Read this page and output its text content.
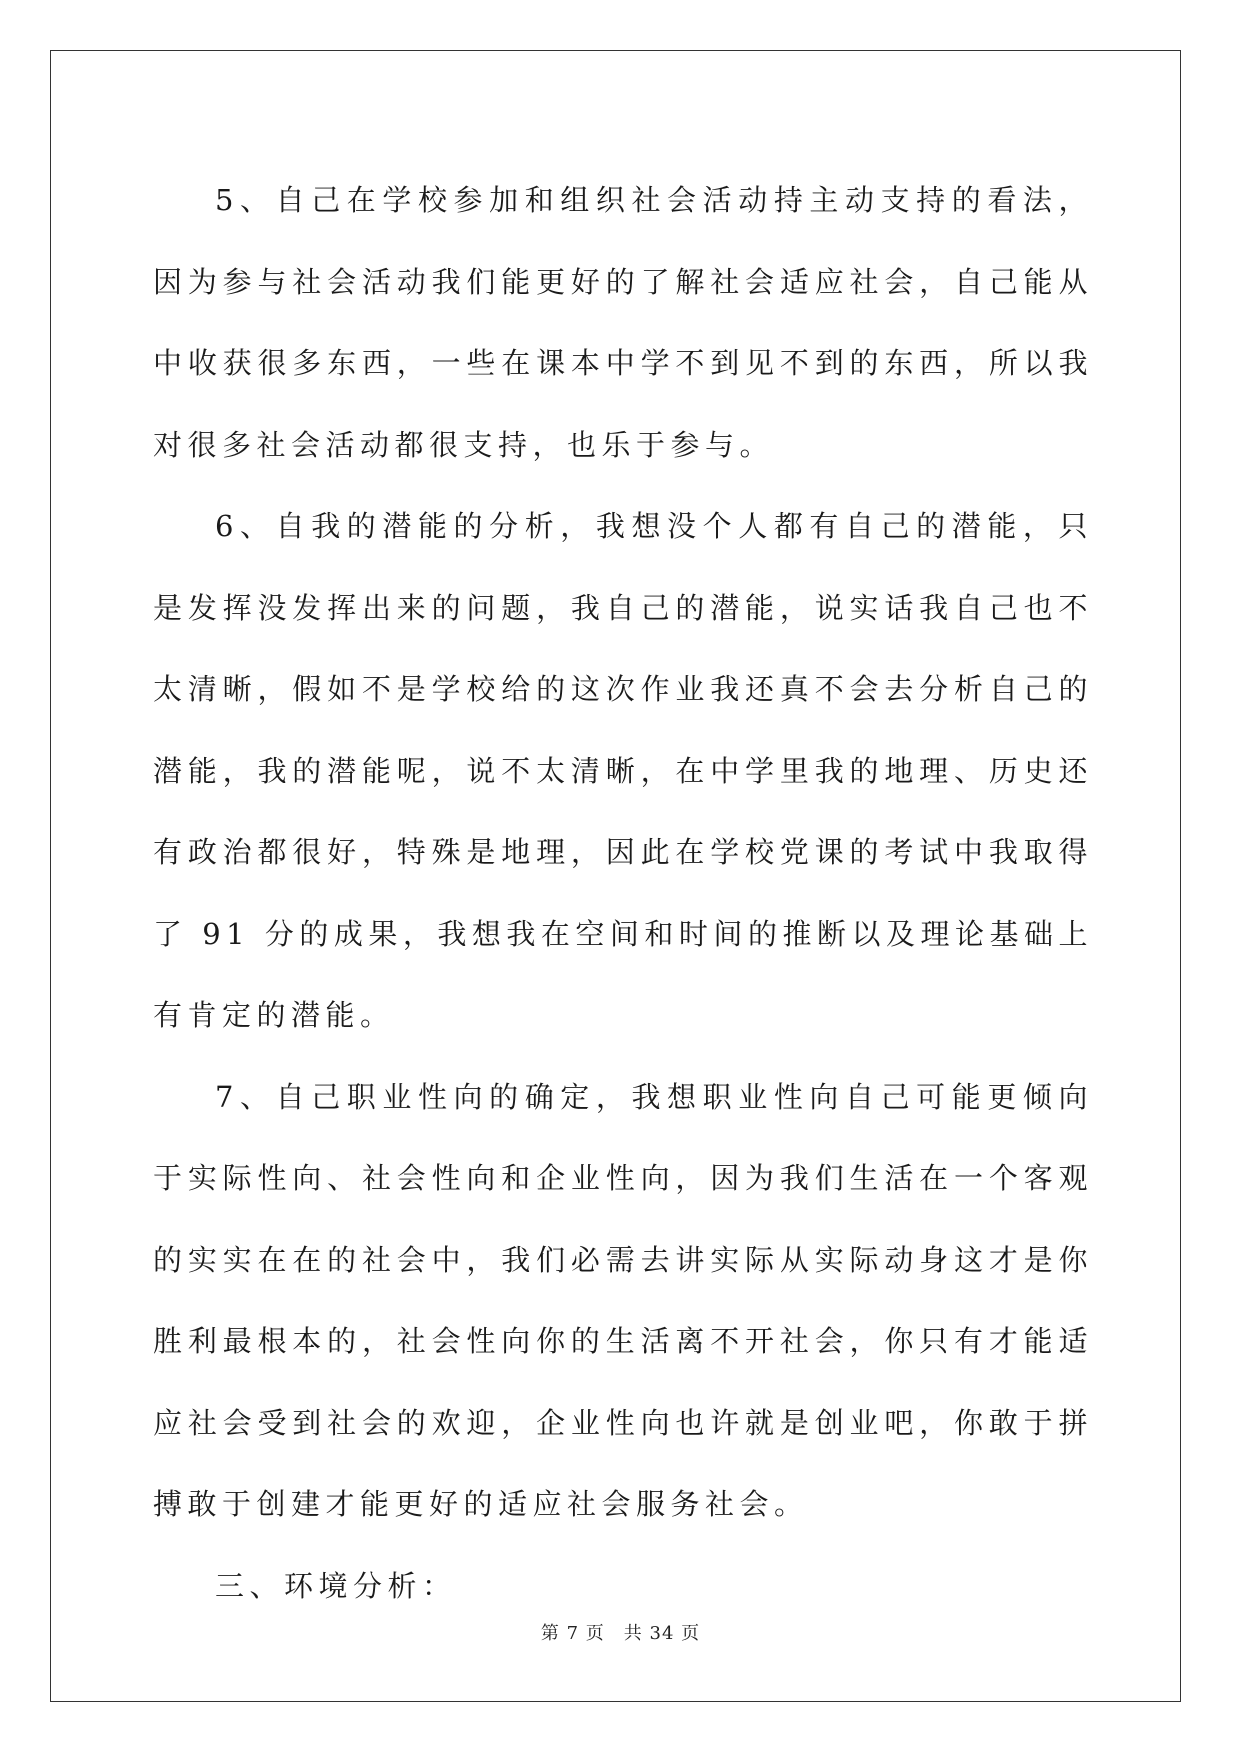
5、自己在学校参加和组织社会活动持主动支持的看法，因为参与社会活动我们能更好的了解社会适应社会，自己能从中收获很多东西，一些在课本中学不到见不到的东西，所以我对很多社会活动都很支持，也乐于参与。

6、自我的潜能的分析，我想没个人都有自己的潜能，只是发挥没发挥出来的问题，我自己的潜能，说实话我自己也不太清晰，假如不是学校给的这次作业我还真不会去分析自己的潜能，我的潜能呢，说不太清晰，在中学里我的地理、历史还有政治都很好，特殊是地理，因此在学校党课的考试中我取得了 91 分的成果，我想我在空间和时间的推断以及理论基础上有肯定的潜能。

7、自己职业性向的确定，我想职业性向自己可能更倾向于实际性向、社会性向和企业性向，因为我们生活在一个客观的实实在在的社会中，我们必需去讲实际从实际动身这才是你胜利最根本的，社会性向你的生活离不开社会，你只有才能适应社会受到社会的欢迎，企业性向也许就是创业吧，你敢于拼搏敢于创建才能更好的适应社会服务社会。

三、环境分析：

第 7 页　共 34 页
